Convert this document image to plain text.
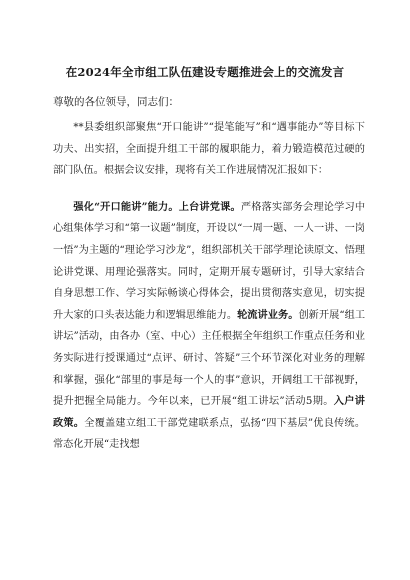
在2024年全市组工队伍建设专题推进会上的交流发言
尊敬的各位领导，同志们：

**县委组织部聚焦“开口能讲”“提笔能写”和“遇事能办”等目标下功夫、出实招，全面提升组工干部的履职能力，着力锻造模范过硬的部门队伍。根据会议安排，现将有关工作进展情况汇报如下：

强化“开口能讲”能力。上台讲党课。严格落实部务会理论学习中心组集体学习和“第一议题”制度，开设以“一周一题、一人一讲、一岗一悟”为主题的“理论学习沙龙”，组织部机关干部学理论读原文、悟理论讲党课、用理论强落实。同时，定期开展专题研讨，引导大家结合自身思想工作、学习实际畅谈心得体会，提出贯彻落实意见，切实提升大家的口头表达能力和逻辑思维能力。轮流讲业务。创新开展“组工讲坛”活动，由各办（室、中心）主任根据全年组织工作重点任务和业务实际进行授课通过“点评、研讨、答疑”三个环节深化对业务的理解和掌握，强化“部里的事是每一个人的事”意识，开阔组工干部视野，提升把握全局能力。今年以来，已开展“组工讲坛”活动5期。入户讲政策。全覆盖建立组工干部党建联系点，弘扬“四下基层”优良传统。常态化开展“走找想
